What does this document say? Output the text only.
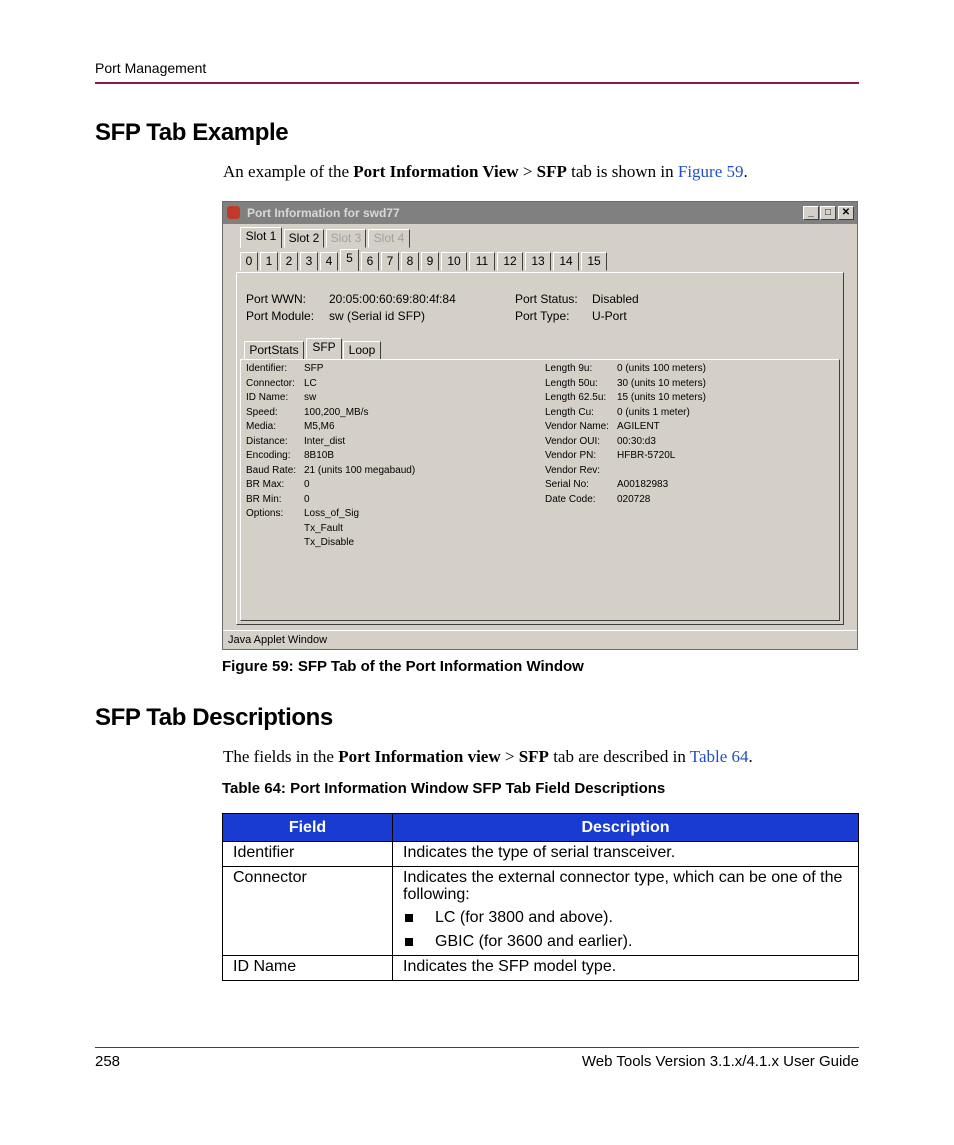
Port Management
SFP Tab Example
An example of the Port Information View > SFP tab is shown in Figure 59.
Port Information for swd77	_	□	✕
Slot 1	Slot 2 Slot 3	Slot 4
0	1	2	3	4	5	6	7	8	9	10	11	12	13	14	15
Port WWN: 20:05:00:60:69:80:4f:84
Port Module: sw (Serial id SFP)
Port Status: Disabled
Port Type: U-Port
PortStats	SFP	Loop
Identifier: SFP
Connector: LC
ID Name: sw
Speed:	100,200_MB/s
Media:	M5,M6
Distance: Inter_dist
Encoding: 8B10B
Baud Rate: 21 (units 100 megabaud)
BR Max: 0
BR Min: 0
Options: Loss_of_Sig
Tx_Fault
Tx_Disable
Length 9u: 0 (units 100 meters)
Length 50u: 30 (units 10 meters)
Length 62.5u: 15 (units 10 meters)
Length Cu: 0 (units 1 meter)
Vendor Name: AGILENT
Vendor OUI: 00:30:d3
Vendor PN: HFBR-5720L
Vendor Rev:
Serial No:	A00182983
Date Code: 020728
Java Applet Window
Figure 59: SFP Tab of the Port Information Window
SFP Tab Descriptions
The fields in the Port Information view > SFP tab are described in Table 64.
Table 64: Port Information Window SFP Tab Field Descriptions
Field	Description
Identifier	Indicates the type of serial transceiver.
Connector	Indicates the external connector type, which can be one of the following:
LC (for 3800 and above).
GBIC (for 3600 and earlier).

ID Name	Indicates the SFP model type.
258	Web Tools Version 3.1.x/4.1.x User Guide
